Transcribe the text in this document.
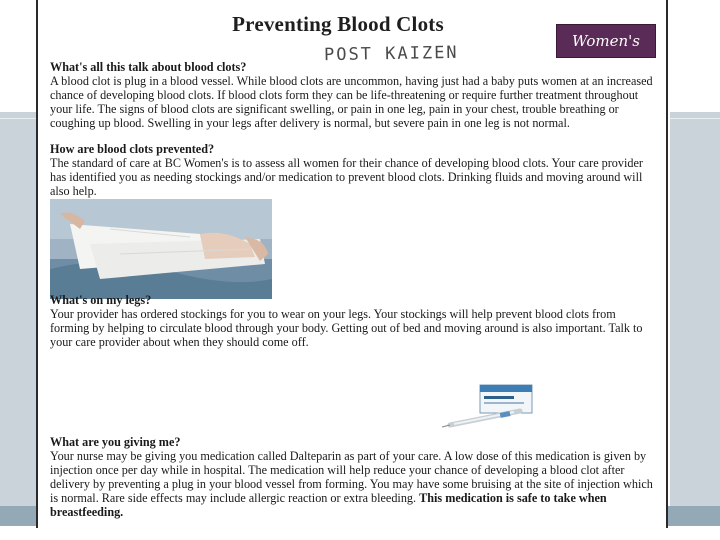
Preventing Blood Clots
Women's
POST KAIZEN

What's all this talk about blood clots?

A blood clot is plug in a blood vessel. While blood clots are uncommon, having just had a baby puts women at an increased chance of developing blood clots. If blood clots form they can be life-threatening or require further treatment throughout your life. The signs of blood clots are significant swelling, or pain in one leg, pain in your chest, trouble breathing or coughing up blood. Swelling in your legs after delivery is normal, but severe pain in one leg is not normal.

How are blood clots prevented?

The standard of care at BC Women's is to assess all women for their chance of developing blood clots. Your care provider has identified you as needing stockings and/or medication to prevent blood clots. Drinking fluids and moving around will also help.

What's on my legs?

Your provider has ordered stockings for you to wear on your legs. Your stockings will help prevent blood clots from forming by helping to circulate blood through your body. Getting out of bed and moving around is also important. Talk to your care provider about when they should come off.

What are you giving me?

Your nurse may be giving you medication called Dalteparin as part of your care. A low dose of this medication is given by injection once per day while in hospital. The medication will help reduce your chance of developing a blood clot after delivery by preventing a plug in your blood vessel from forming. You may have some bruising at the site of injection which is normal. Rare side effects may include allergic reaction or extra bleeding. This medication is safe to take when breastfeeding.
